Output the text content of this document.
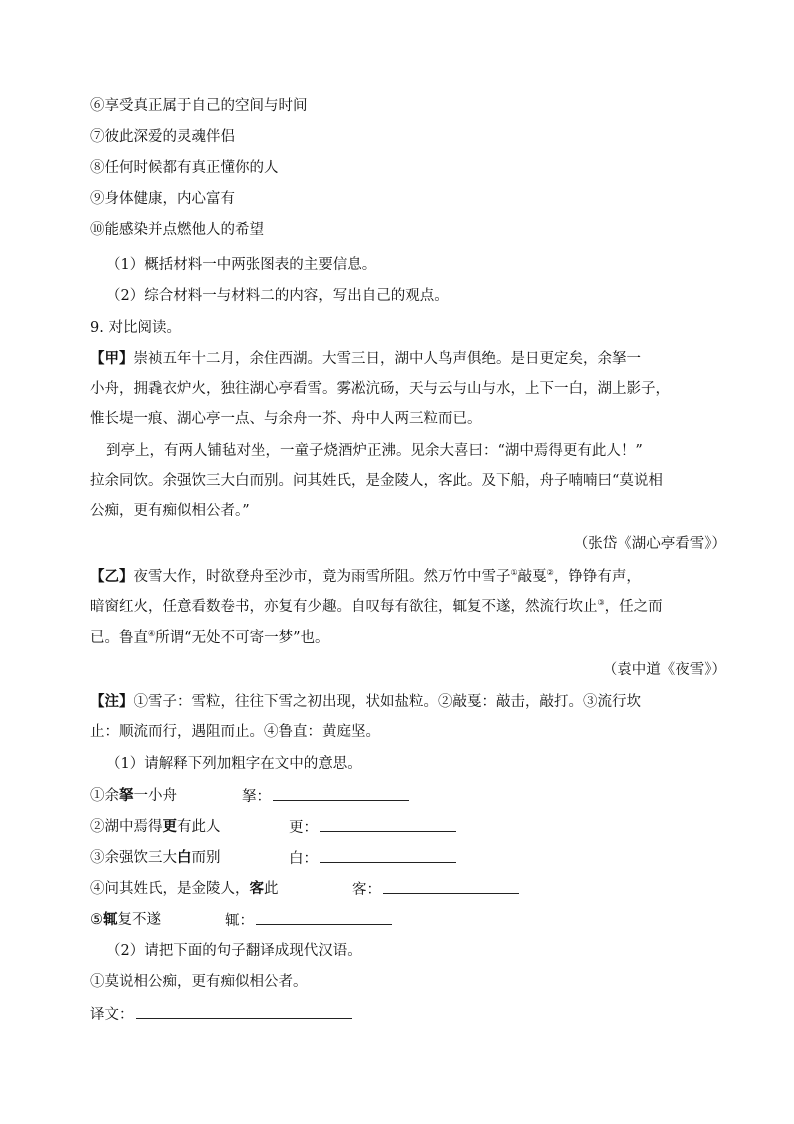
⑥享受真正属于自己的空间与时间
⑦彼此深爱的灵魂伴侣
⑧任何时候都有真正懂你的人
⑨身体健康，内心富有
⑩能感染并点燃他人的希望
（1）概括材料一中两张图表的主要信息。
（2）综合材料一与材料二的内容，写出自己的观点。
9. 对比阅读。
【甲】崇祯五年十二月，余住西湖。大雪三日，湖中人鸟声俱绝。是日更定矣，余拏一
小舟，拥毳衣炉火，独往湖心亭看雪。雾凇沆砀，天与云与山与水，上下一白，湖上影子，
惟长堤一痕、湖心亭一点、与余舟一芥、舟中人两三粒而已。
到亭上，有两人铺毡对坐，一童子烧酒炉正沸。见余大喜曰：“湖中焉得更有此人！”
拉余同饮。余强饮三大白而别。问其姓氏，是金陵人，客此。及下船，舟子喃喃曰“莫说相
公痴，更有痴似相公者。”
（张岱《湖心亭看雪》）
【乙】夜雪大作，时欲登舟至沙市，竟为雨雪所阻。然万竹中雪子①敲戛②，铮铮有声，
暗窗红火，任意看数卷书，亦复有少趣。自叹每有欲往，辄复不遂，然流行坎止③，任之而
已。鲁直④所谓“无处不可寄一梦”也。
（袁中道《夜雪》）
【注】①雪子：雪粒，往往下雪之初出现，状如盐粒。②敲戛：敲击，敲打。③流行坎
止：顺流而行，遇阻而止。④鲁直：黄庭坚。
（1）请解释下列加粗字在文中的意思。
①余拏一小舟	拏：
②湖中焉得更有此人	更：
③余强饮三大白而别	白：
④问其姓氏，是金陵人，客此	客：
⑤辄复不遂	辄：
（2）请把下面的句子翻译成现代汉语。
①莫说相公痴，更有痴似相公者。
译文：
